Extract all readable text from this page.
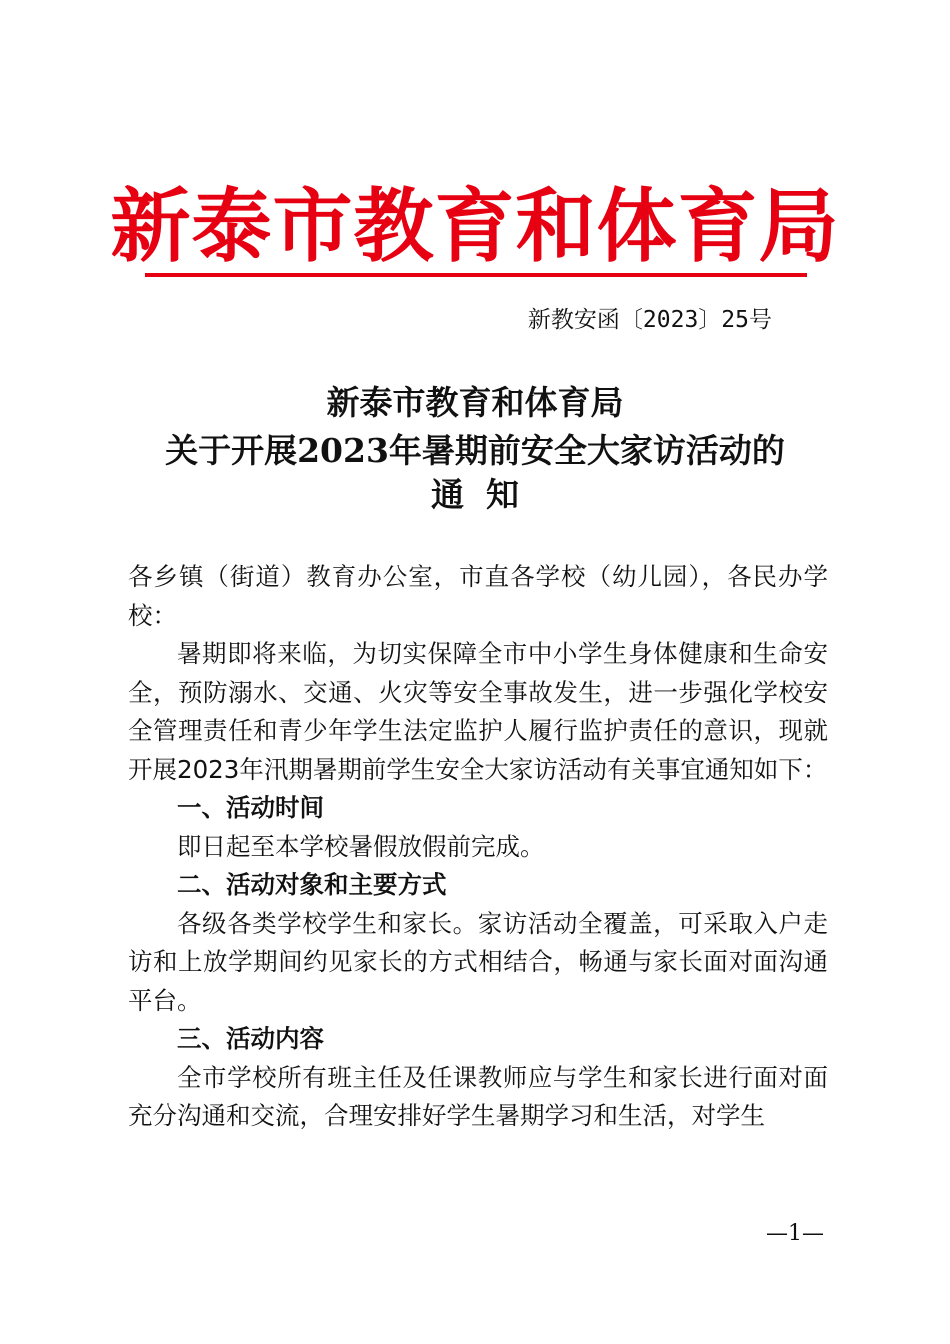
新泰市教育和体育局
新教安函〔2023〕25号
新泰市教育和体育局
关于开展2023年暑期前安全大家访活动的
通知

各乡镇（街道）教育办公室，市直各学校（幼儿园），各民办学校：

暑期即将来临，为切实保障全市中小学生身体健康和生命安全，预防溺水、交通、火灾等安全事故发生，进一步强化学校安全管理责任和青少年学生法定监护人履行监护责任的意识，现就开展2023年汛期暑期前学生安全大家访活动有关事宜通知如下：

一、活动时间

即日起至本学校暑假放假前完成。

二、活动对象和主要方式

各级各类学校学生和家长。家访活动全覆盖，可采取入户走访和上放学期间约见家长的方式相结合，畅通与家长面对面沟通平台。

三、活动内容

全市学校所有班主任及任课教师应与学生和家长进行面对面充分沟通和交流，合理安排好学生暑期学习和生活，对学生

—1—
